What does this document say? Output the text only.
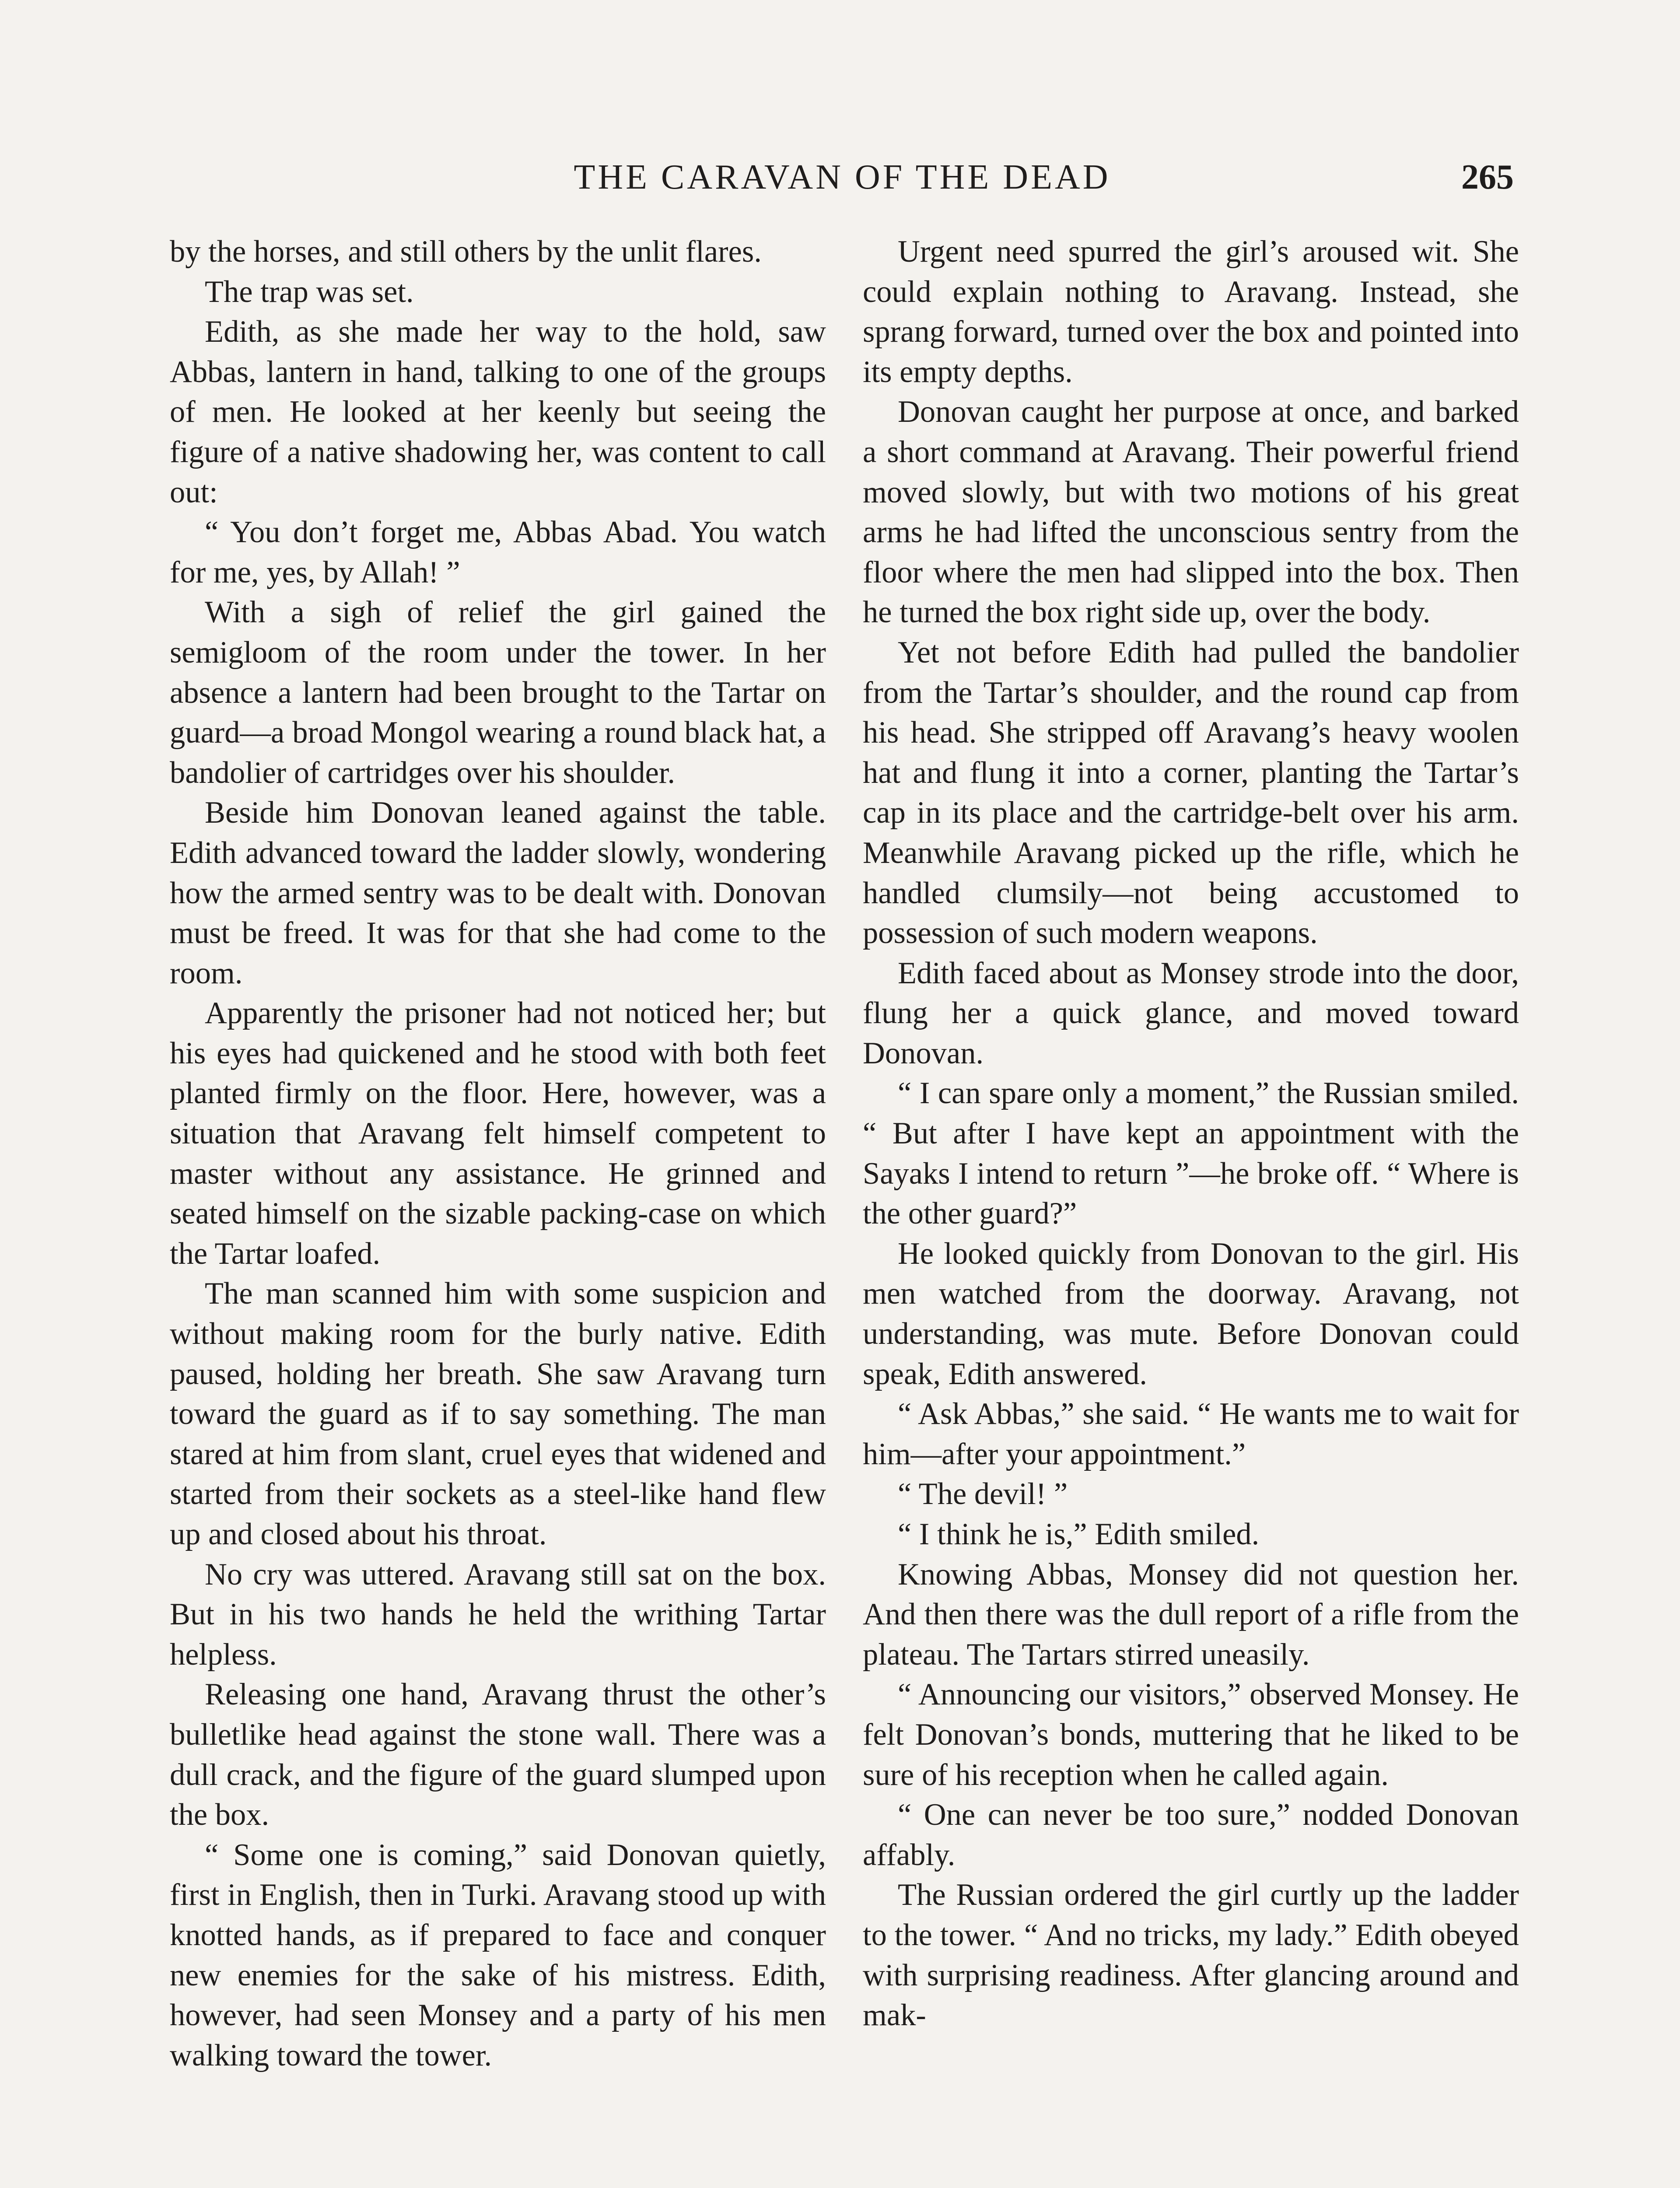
THE CARAVAN OF THE DEAD	265

by the horses, and still others by the unlit flares.

The trap was set.

Edith, as she made her way to the hold, saw Abbas, lantern in hand, talking to one of the groups of men. He looked at her keenly but seeing the figure of a native shadowing her, was content to call out:

“ You don’t forget me, Abbas Abad. You watch for me, yes, by Allah! ”

With a sigh of relief the girl gained the semigloom of the room under the tower. In her absence a lantern had been brought to the Tartar on guard—a broad Mongol wearing a round black hat, a bandolier of cartridges over his shoulder.

Beside him Donovan leaned against the table. Edith advanced toward the ladder slowly, wondering how the armed sentry was to be dealt with. Donovan must be freed. It was for that she had come to the room.

Apparently the prisoner had not noticed her; but his eyes had quickened and he stood with both feet planted firmly on the floor. Here, however, was a situation that Aravang felt himself competent to master without any assistance. He grinned and seated himself on the sizable packing-case on which the Tartar loafed.

The man scanned him with some suspicion and without making room for the burly native. Edith paused, holding her breath. She saw Aravang turn toward the guard as if to say something. The man stared at him from slant, cruel eyes that widened and started from their sockets as a steel-like hand flew up and closed about his throat.

No cry was uttered. Aravang still sat on the box. But in his two hands he held the writhing Tartar helpless.

Releasing one hand, Aravang thrust the other’s bulletlike head against the stone wall. There was a dull crack, and the figure of the guard slumped upon the box.

“ Some one is coming,” said Donovan quietly, first in English, then in Turki. Aravang stood up with knotted hands, as if prepared to face and conquer new enemies for the sake of his mistress. Edith, however, had seen Monsey and a party of his men walking toward the tower.

Urgent need spurred the girl’s aroused wit. She could explain nothing to Aravang. Instead, she sprang forward, turned over the box and pointed into its empty depths.

Donovan caught her purpose at once, and barked a short command at Aravang. Their powerful friend moved slowly, but with two motions of his great arms he had lifted the unconscious sentry from the floor where the men had slipped into the box. Then he turned the box right side up, over the body.

Yet not before Edith had pulled the bandolier from the Tartar’s shoulder, and the round cap from his head. She stripped off Aravang’s heavy woolen hat and flung it into a corner, planting the Tartar’s cap in its place and the cartridge-belt over his arm. Meanwhile Aravang picked up the rifle, which he handled clumsily—not being accustomed to possession of such modern weapons.

Edith faced about as Monsey strode into the door, flung her a quick glance, and moved toward Donovan.

“ I can spare only a moment,” the Russian smiled. “ But after I have kept an appointment with the Sayaks I intend to return ”—he broke off. “ Where is the other guard?”

He looked quickly from Donovan to the girl. His men watched from the doorway. Aravang, not understanding, was mute. Before Donovan could speak, Edith answered.

“ Ask Abbas,” she said. “ He wants me to wait for him—after your appointment.”

“ The devil! ”

“ I think he is,” Edith smiled.

Knowing Abbas, Monsey did not question her. And then there was the dull report of a rifle from the plateau. The Tartars stirred uneasily.

“ Announcing our visitors,” observed Monsey. He felt Donovan’s bonds, muttering that he liked to be sure of his reception when he called again.

“ One can never be too sure,” nodded Donovan affably.

The Russian ordered the girl curtly up the ladder to the tower. “ And no tricks, my lady.” Edith obeyed with surprising readiness. After glancing around and mak-
